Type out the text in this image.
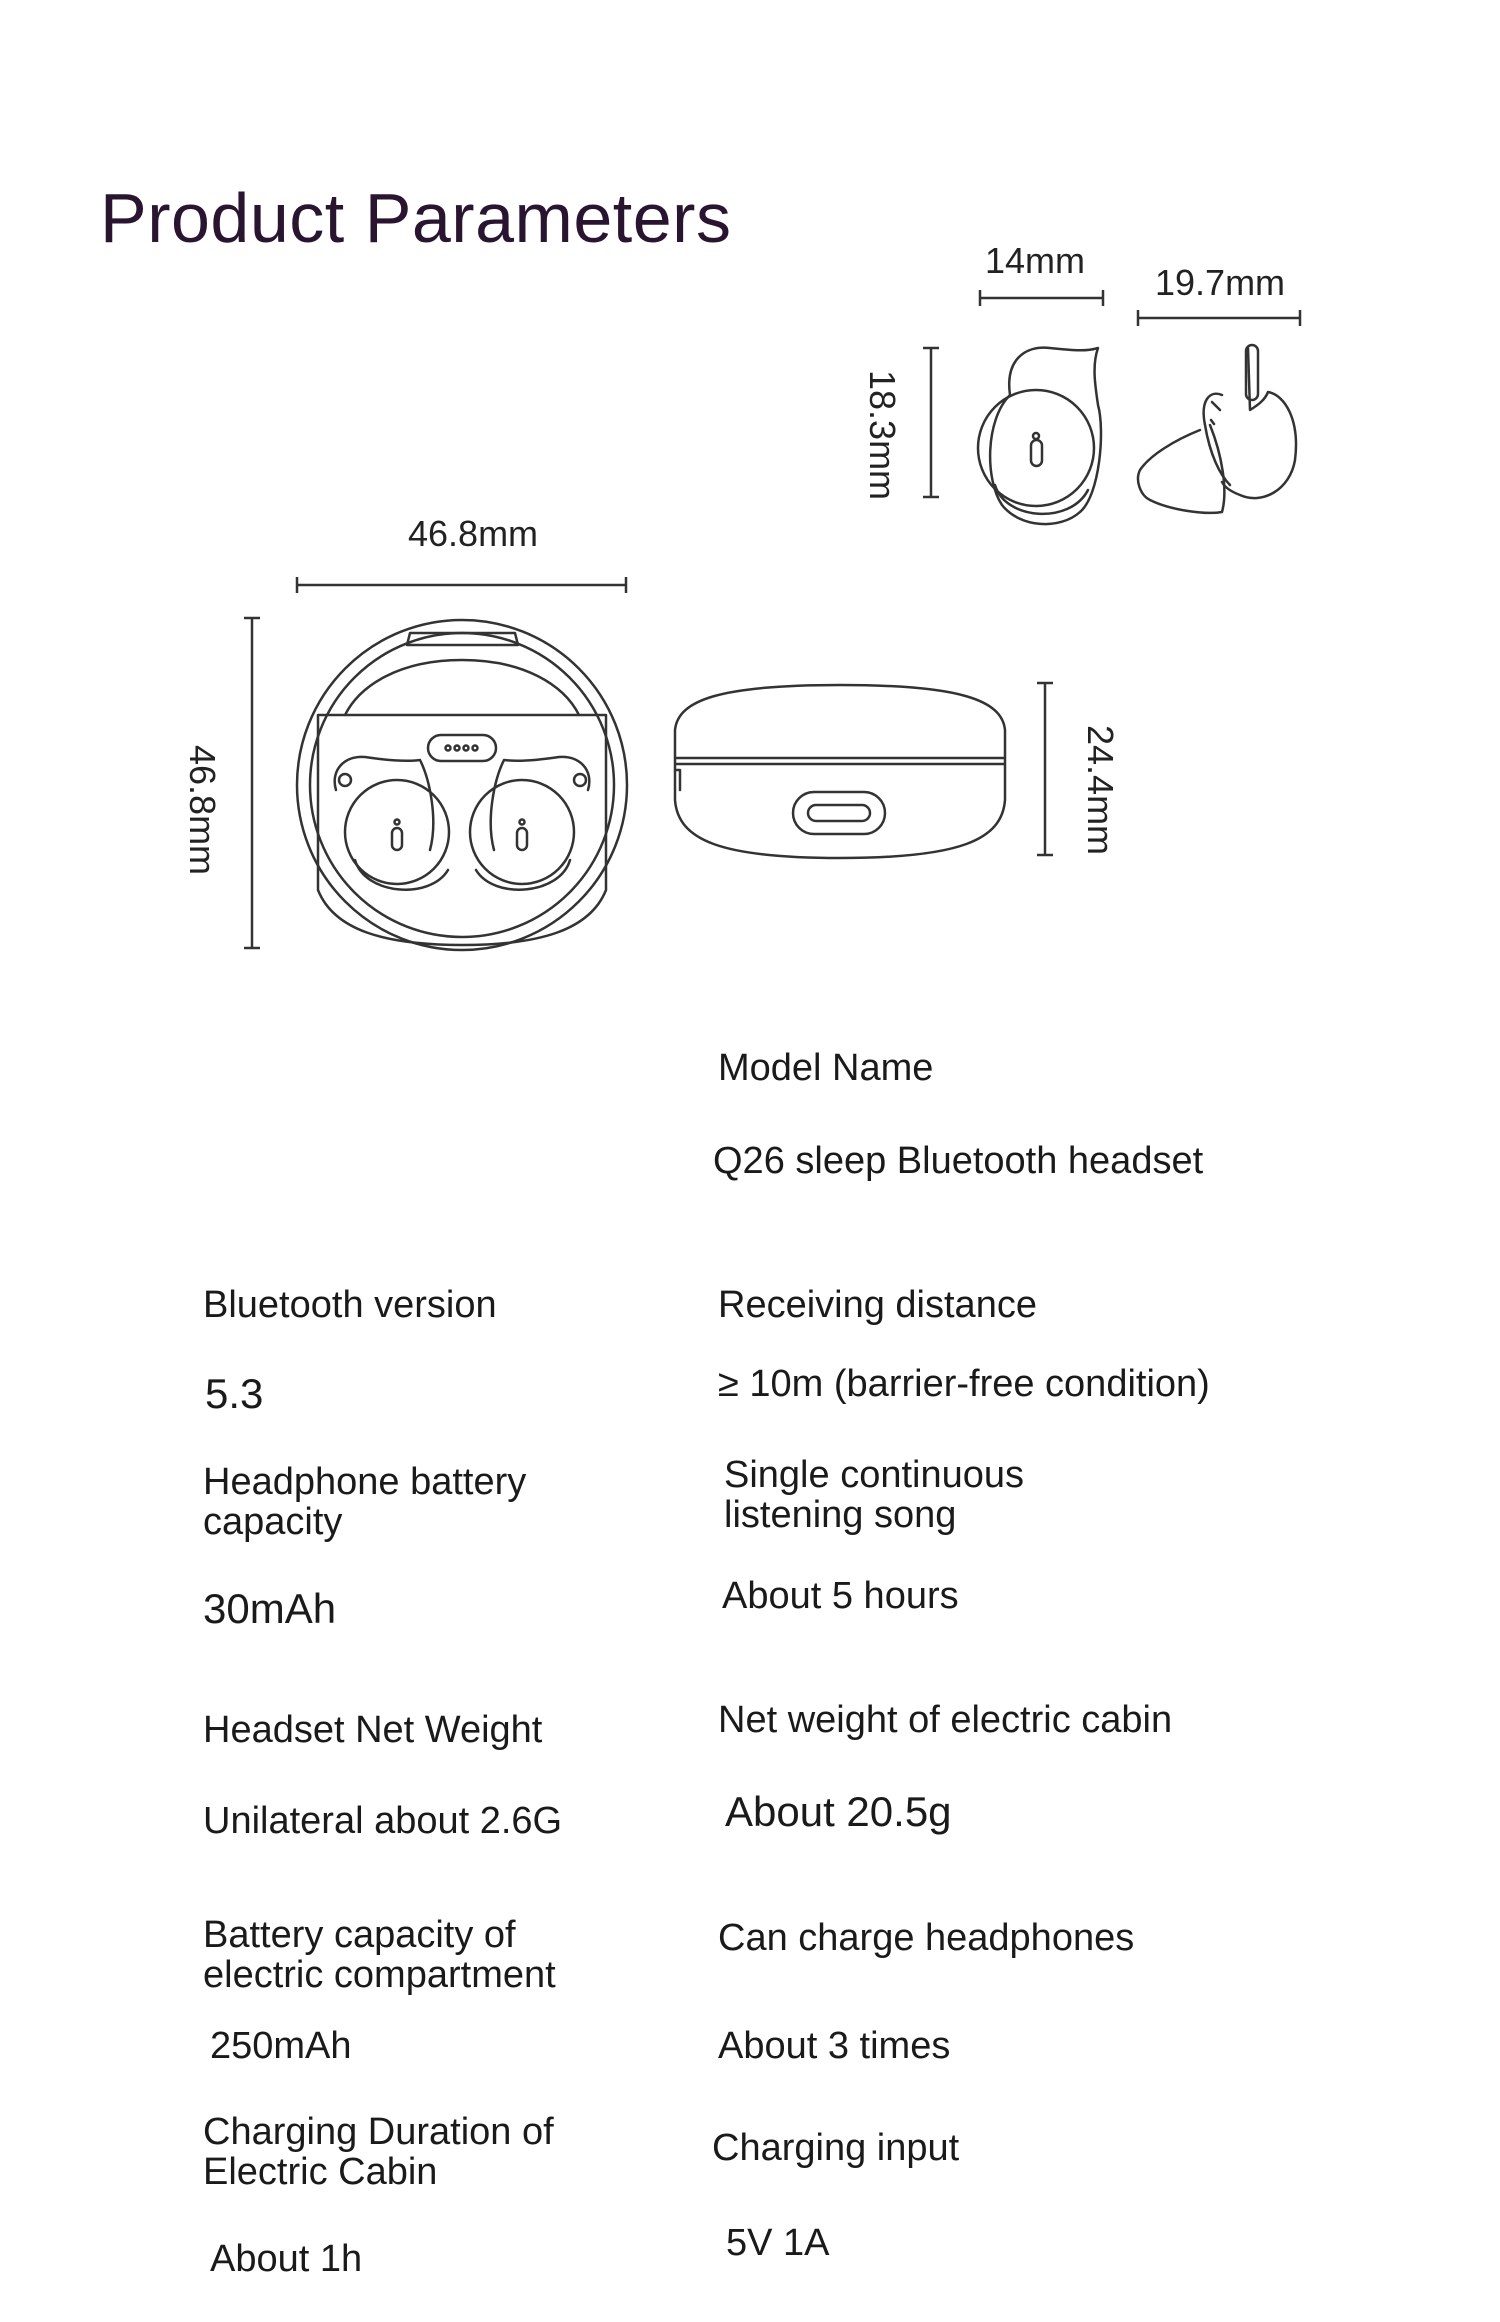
Product Parameters
14mm
19.7mm
18.3mm
46.8mm
46.8mm	24.4mm
Model Name
Q26 sleep Bluetooth headset
Bluetooth version
5.3
Receiving distance
≥ 10m (barrier-free condition)
Headphone battery capacity
30mAh
Single continuous listening song
About 5 hours
Headset Net Weight
Unilateral about 2.6G
Net weight of electric cabin
About 20.5g
Battery capacity of electric compartment
250mAh
Can charge headphones
About 3 times
Charging Duration of Electric Cabin
About 1h
Charging input
5V 1A
